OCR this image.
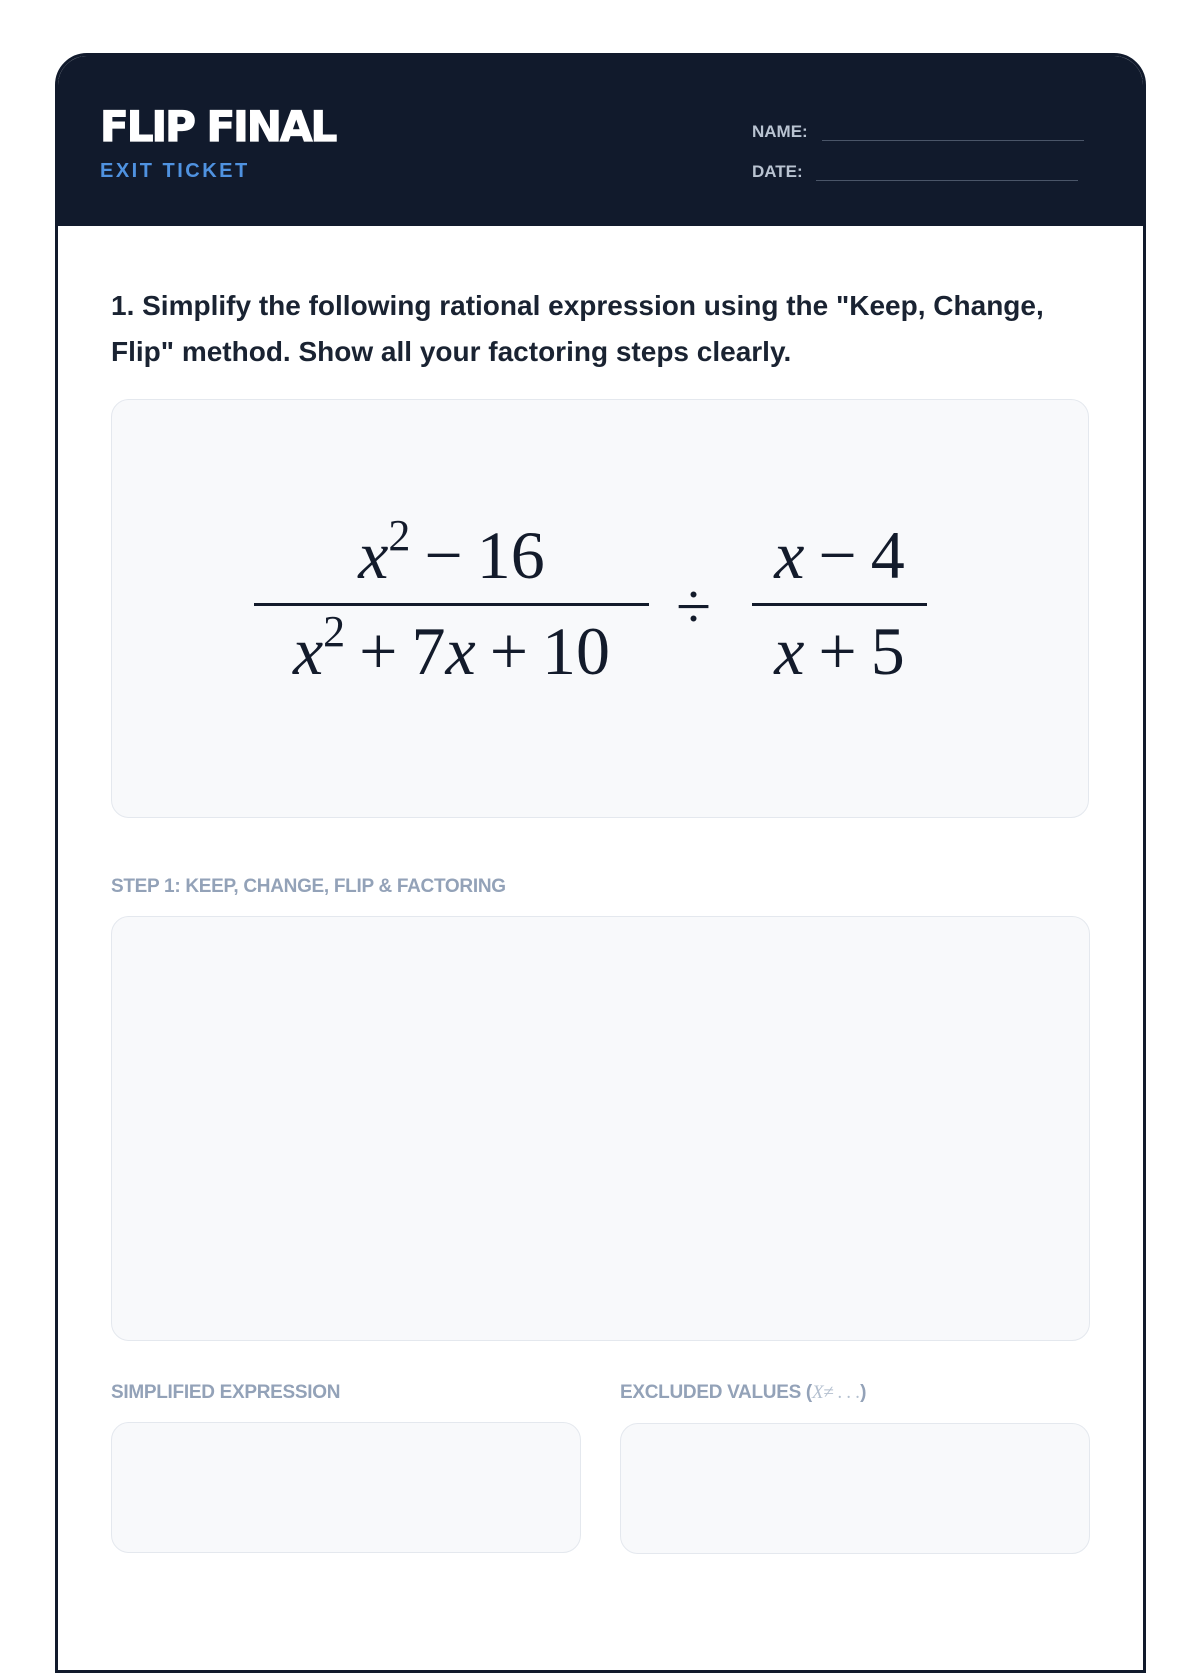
FLIP FINAL
EXIT TICKET
NAME:
DATE:

1. Simplify the following rational expression using the "Keep, Change, Flip" method. Show all your factoring steps clearly.

$x^2 - 16$
$x^2 + 7x + 10$
÷
x − 4
x + 5
STEP 1: KEEP, CHANGE, FLIP & FACTORING
SIMPLIFIED EXPRESSION	EXCLUDED VALUES (X≠ . . .)
